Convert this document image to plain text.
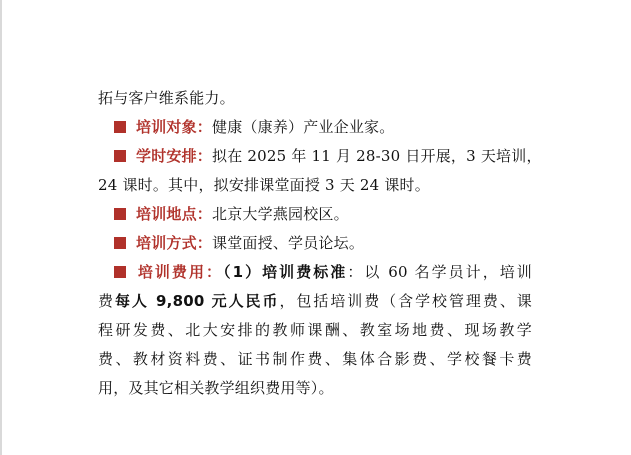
拓与客户维系能力。
培训对象：健康（康养）产业企业家。
学时安排：拟在 2025 年 11 月 28-30 日开展，3 天培训，
24 课时。其中，拟安排课堂面授 3 天 24 课时。
培训地点：北京大学燕园校区。
培训方式：课堂面授、学员论坛。
培训费用：（1）培训费标准：以 60 名学员计，培训
费每人 9,800 元人民币，包括培训费（含学校管理费、课
程研发费、北大安排的教师课酬、教室场地费、现场教学
费、教材资料费、证书制作费、集体合影费、学校餐卡费
用，及其它相关教学组织费用等）。
